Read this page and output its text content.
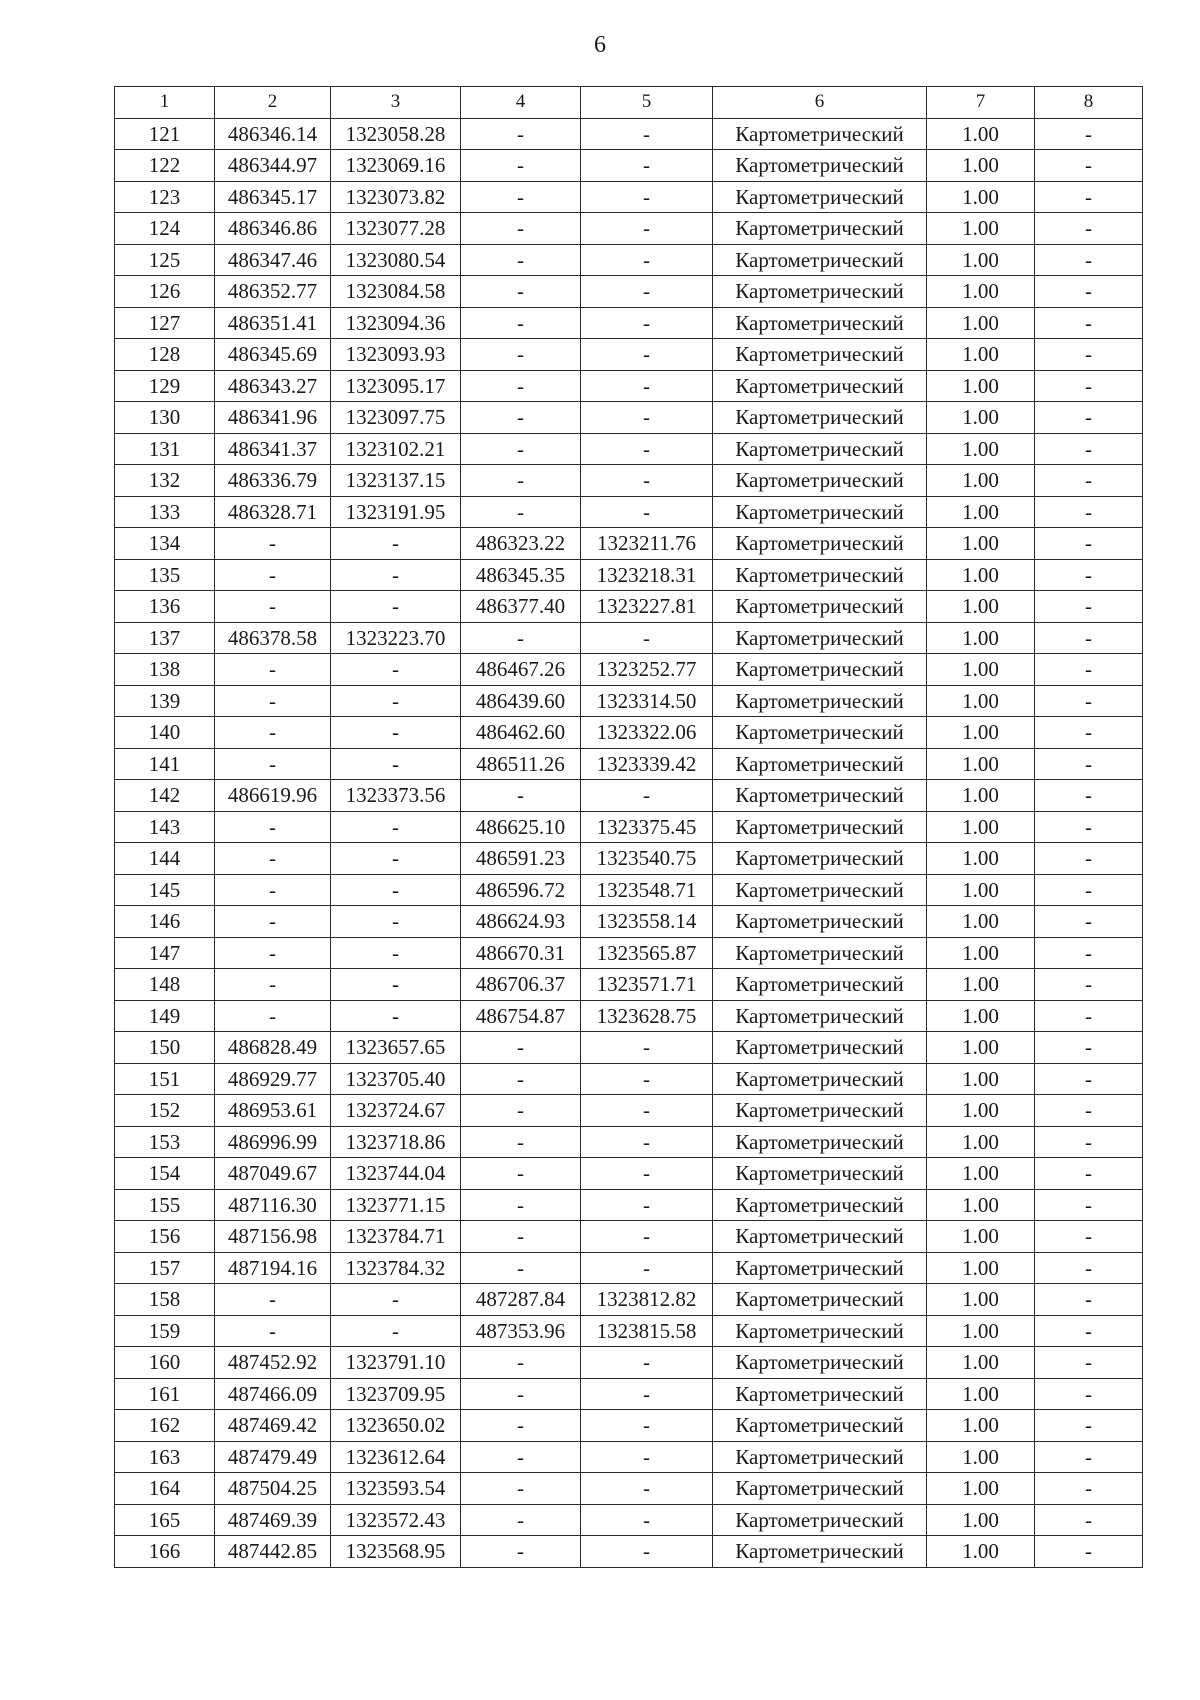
6
1	2	3	4	5	6	7	8
121	486346.14	1323058.28	-	-	Картометрический	1.00	-
122	486344.97	1323069.16	-	-	Картометрический	1.00	-
123	486345.17	1323073.82	-	-	Картометрический	1.00	-
124	486346.86	1323077.28	-	-	Картометрический	1.00	-
125	486347.46	1323080.54	-	-	Картометрический	1.00	-
126	486352.77	1323084.58	-	-	Картометрический	1.00	-
127	486351.41	1323094.36	-	-	Картометрический	1.00	-
128	486345.69	1323093.93	-	-	Картометрический	1.00	-
129	486343.27	1323095.17	-	-	Картометрический	1.00	-
130	486341.96	1323097.75	-	-	Картометрический	1.00	-
131	486341.37	1323102.21	-	-	Картометрический	1.00	-
132	486336.79	1323137.15	-	-	Картометрический	1.00	-
133	486328.71	1323191.95	-	-	Картометрический	1.00	-
134	-	-	486323.22	1323211.76	Картометрический	1.00	-
135	-	-	486345.35	1323218.31	Картометрический	1.00	-
136	-	-	486377.40	1323227.81	Картометрический	1.00	-
137	486378.58	1323223.70	-	-	Картометрический	1.00	-
138	-	-	486467.26	1323252.77	Картометрический	1.00	-
139	-	-	486439.60	1323314.50	Картометрический	1.00	-
140	-	-	486462.60	1323322.06	Картометрический	1.00	-
141	-	-	486511.26	1323339.42	Картометрический	1.00	-
142	486619.96	1323373.56	-	-	Картометрический	1.00	-
143	-	-	486625.10	1323375.45	Картометрический	1.00	-
144	-	-	486591.23	1323540.75	Картометрический	1.00	-
145	-	-	486596.72	1323548.71	Картометрический	1.00	-
146	-	-	486624.93	1323558.14	Картометрический	1.00	-
147	-	-	486670.31	1323565.87	Картометрический	1.00	-
148	-	-	486706.37	1323571.71	Картометрический	1.00	-
149	-	-	486754.87	1323628.75	Картометрический	1.00	-
150	486828.49	1323657.65	-	-	Картометрический	1.00	-
151	486929.77	1323705.40	-	-	Картометрический	1.00	-
152	486953.61	1323724.67	-	-	Картометрический	1.00	-
153	486996.99	1323718.86	-	-	Картометрический	1.00	-
154	487049.67	1323744.04	-	-	Картометрический	1.00	-
155	487116.30	1323771.15	-	-	Картометрический	1.00	-
156	487156.98	1323784.71	-	-	Картометрический	1.00	-
157	487194.16	1323784.32	-	-	Картометрический	1.00	-
158	-	-	487287.84	1323812.82	Картометрический	1.00	-
159	-	-	487353.96	1323815.58	Картометрический	1.00	-
160	487452.92	1323791.10	-	-	Картометрический	1.00	-
161	487466.09	1323709.95	-	-	Картометрический	1.00	-
162	487469.42	1323650.02	-	-	Картометрический	1.00	-
163	487479.49	1323612.64	-	-	Картометрический	1.00	-
164	487504.25	1323593.54	-	-	Картометрический	1.00	-
165	487469.39	1323572.43	-	-	Картометрический	1.00	-
166	487442.85	1323568.95	-	-	Картометрический	1.00	-
